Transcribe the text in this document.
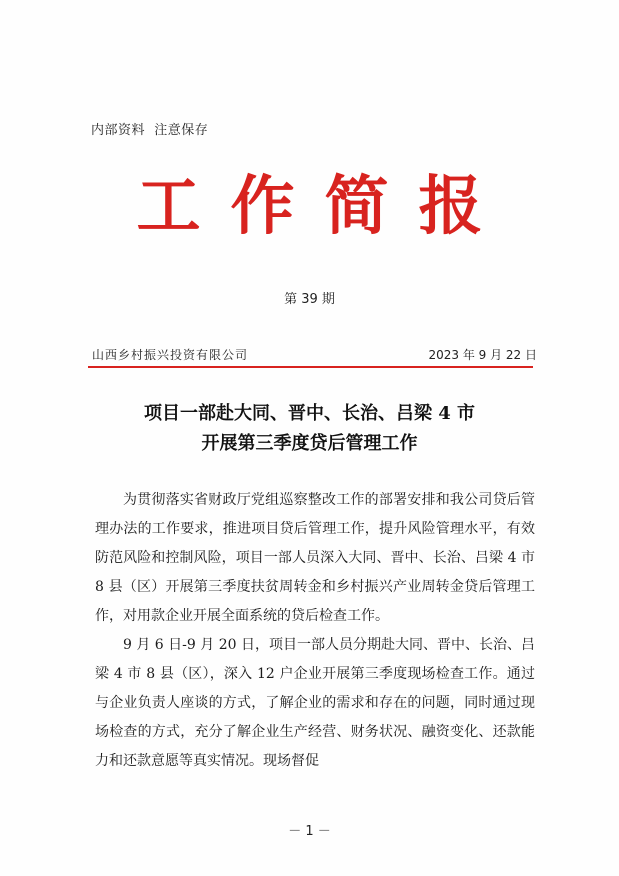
内部资料  注意保存
工作简报
第 39 期
山西乡村振兴投资有限公司	2023 年 9 月 22 日
项目一部赴大同、晋中、长治、吕梁 4 市
开展第三季度贷后管理工作

为贯彻落实省财政厅党组巡察整改工作的部署安排和我公司贷后管理办法的工作要求，推进项目贷后管理工作，提升风险管理水平，有效防范风险和控制风险，项目一部人员深入大同、晋中、长治、吕梁 4 市 8 县（区）开展第三季度扶贫周转金和乡村振兴产业周转金贷后管理工作，对用款企业开展全面系统的贷后检查工作。

9 月 6 日-9 月 20 日，项目一部人员分期赴大同、晋中、长治、吕梁 4 市 8 县（区），深入 12 户企业开展第三季度现场检查工作。通过与企业负责人座谈的方式，了解企业的需求和存在的问题，同时通过现场检查的方式，充分了解企业生产经营、财务状况、融资变化、还款能力和还款意愿等真实情况。现场督促

－ 1 －
